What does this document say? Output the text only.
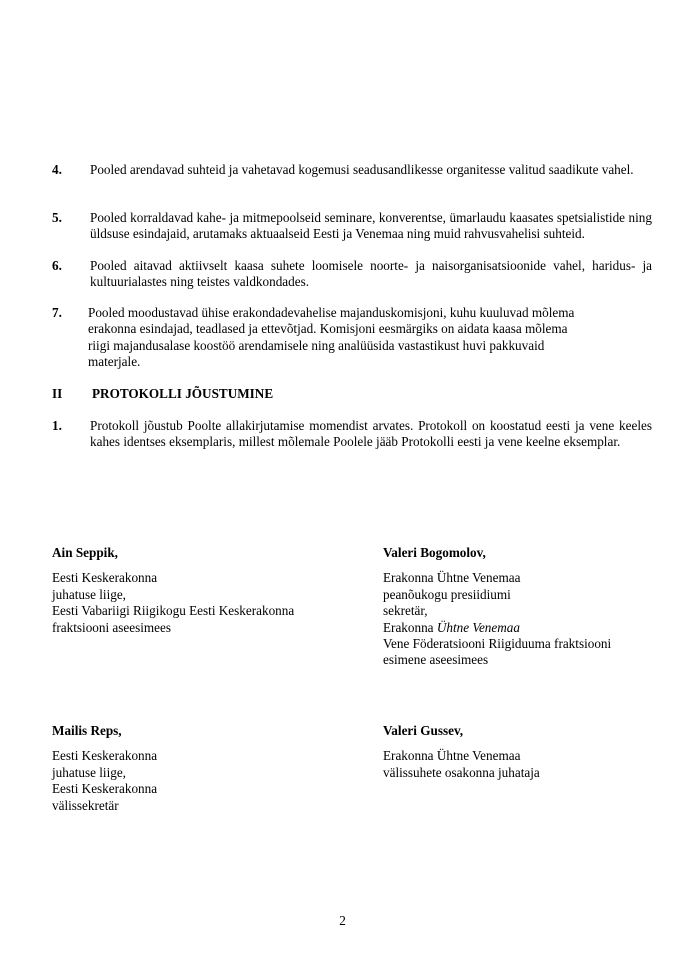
4. Pooled arendavad suhteid ja vahetavad kogemusi seadusandlikesse organitesse valitud saadikute vahel.
5. Pooled korraldavad kahe- ja mitmepoolseid seminare, konverentse, ümarlaudu kaasates spetsialistide ning üldsuse esindajaid, arutamaks aktuaalseid Eesti ja Venemaa ning muid rahvusvahelisi suhteid.
6. Pooled aitavad aktiivselt kaasa suhete loomisele noorte- ja naisorganisatsioonide vahel, haridus- ja kultuurialastes ning teistes valdkondades.
7. Pooled moodustavad ühise erakondadevahelise majanduskomisjoni, kuhu kuuluvad mõlema
erakonna esindajad, teadlased ja ettevõtjad. Komisjoni eesmärgiks on aidata kaasa mõlema
riigi majandusalase koostöö arendamisele ning analüüsida vastastikust huvi pakkuvaid
materjale.
II PROTOKOLLI JÕUSTUMINE
1. Protokoll jõustub Poolte allakirjutamise momendist arvates. Protokoll on koostatud eesti ja vene keeles kahes identses eksemplaris, millest mõlemale Poolele jääb Protokolli eesti ja vene keelne eksemplar.
Ain Seppik,
Eesti Keskerakonna
juhatuse liige,
Eesti Vabariigi Riigikogu Eesti Keskerakonna
fraktsiooni aseesimees
Valeri Bogomolov,
Erakonna Ühtne Venemaa
peanõukogu presiidiumi
sekretär,
Erakonna Ühtne Venemaa
Vene Föderatsiooni Riigiduuma fraktsiooni
esimene aseesimees
Mailis Reps,
Eesti Keskerakonna
juhatuse liige,
Eesti Keskerakonna
välissekretär
Valeri Gussev,
Erakonna Ühtne Venemaa
välissuhete osakonna juhataja
2
